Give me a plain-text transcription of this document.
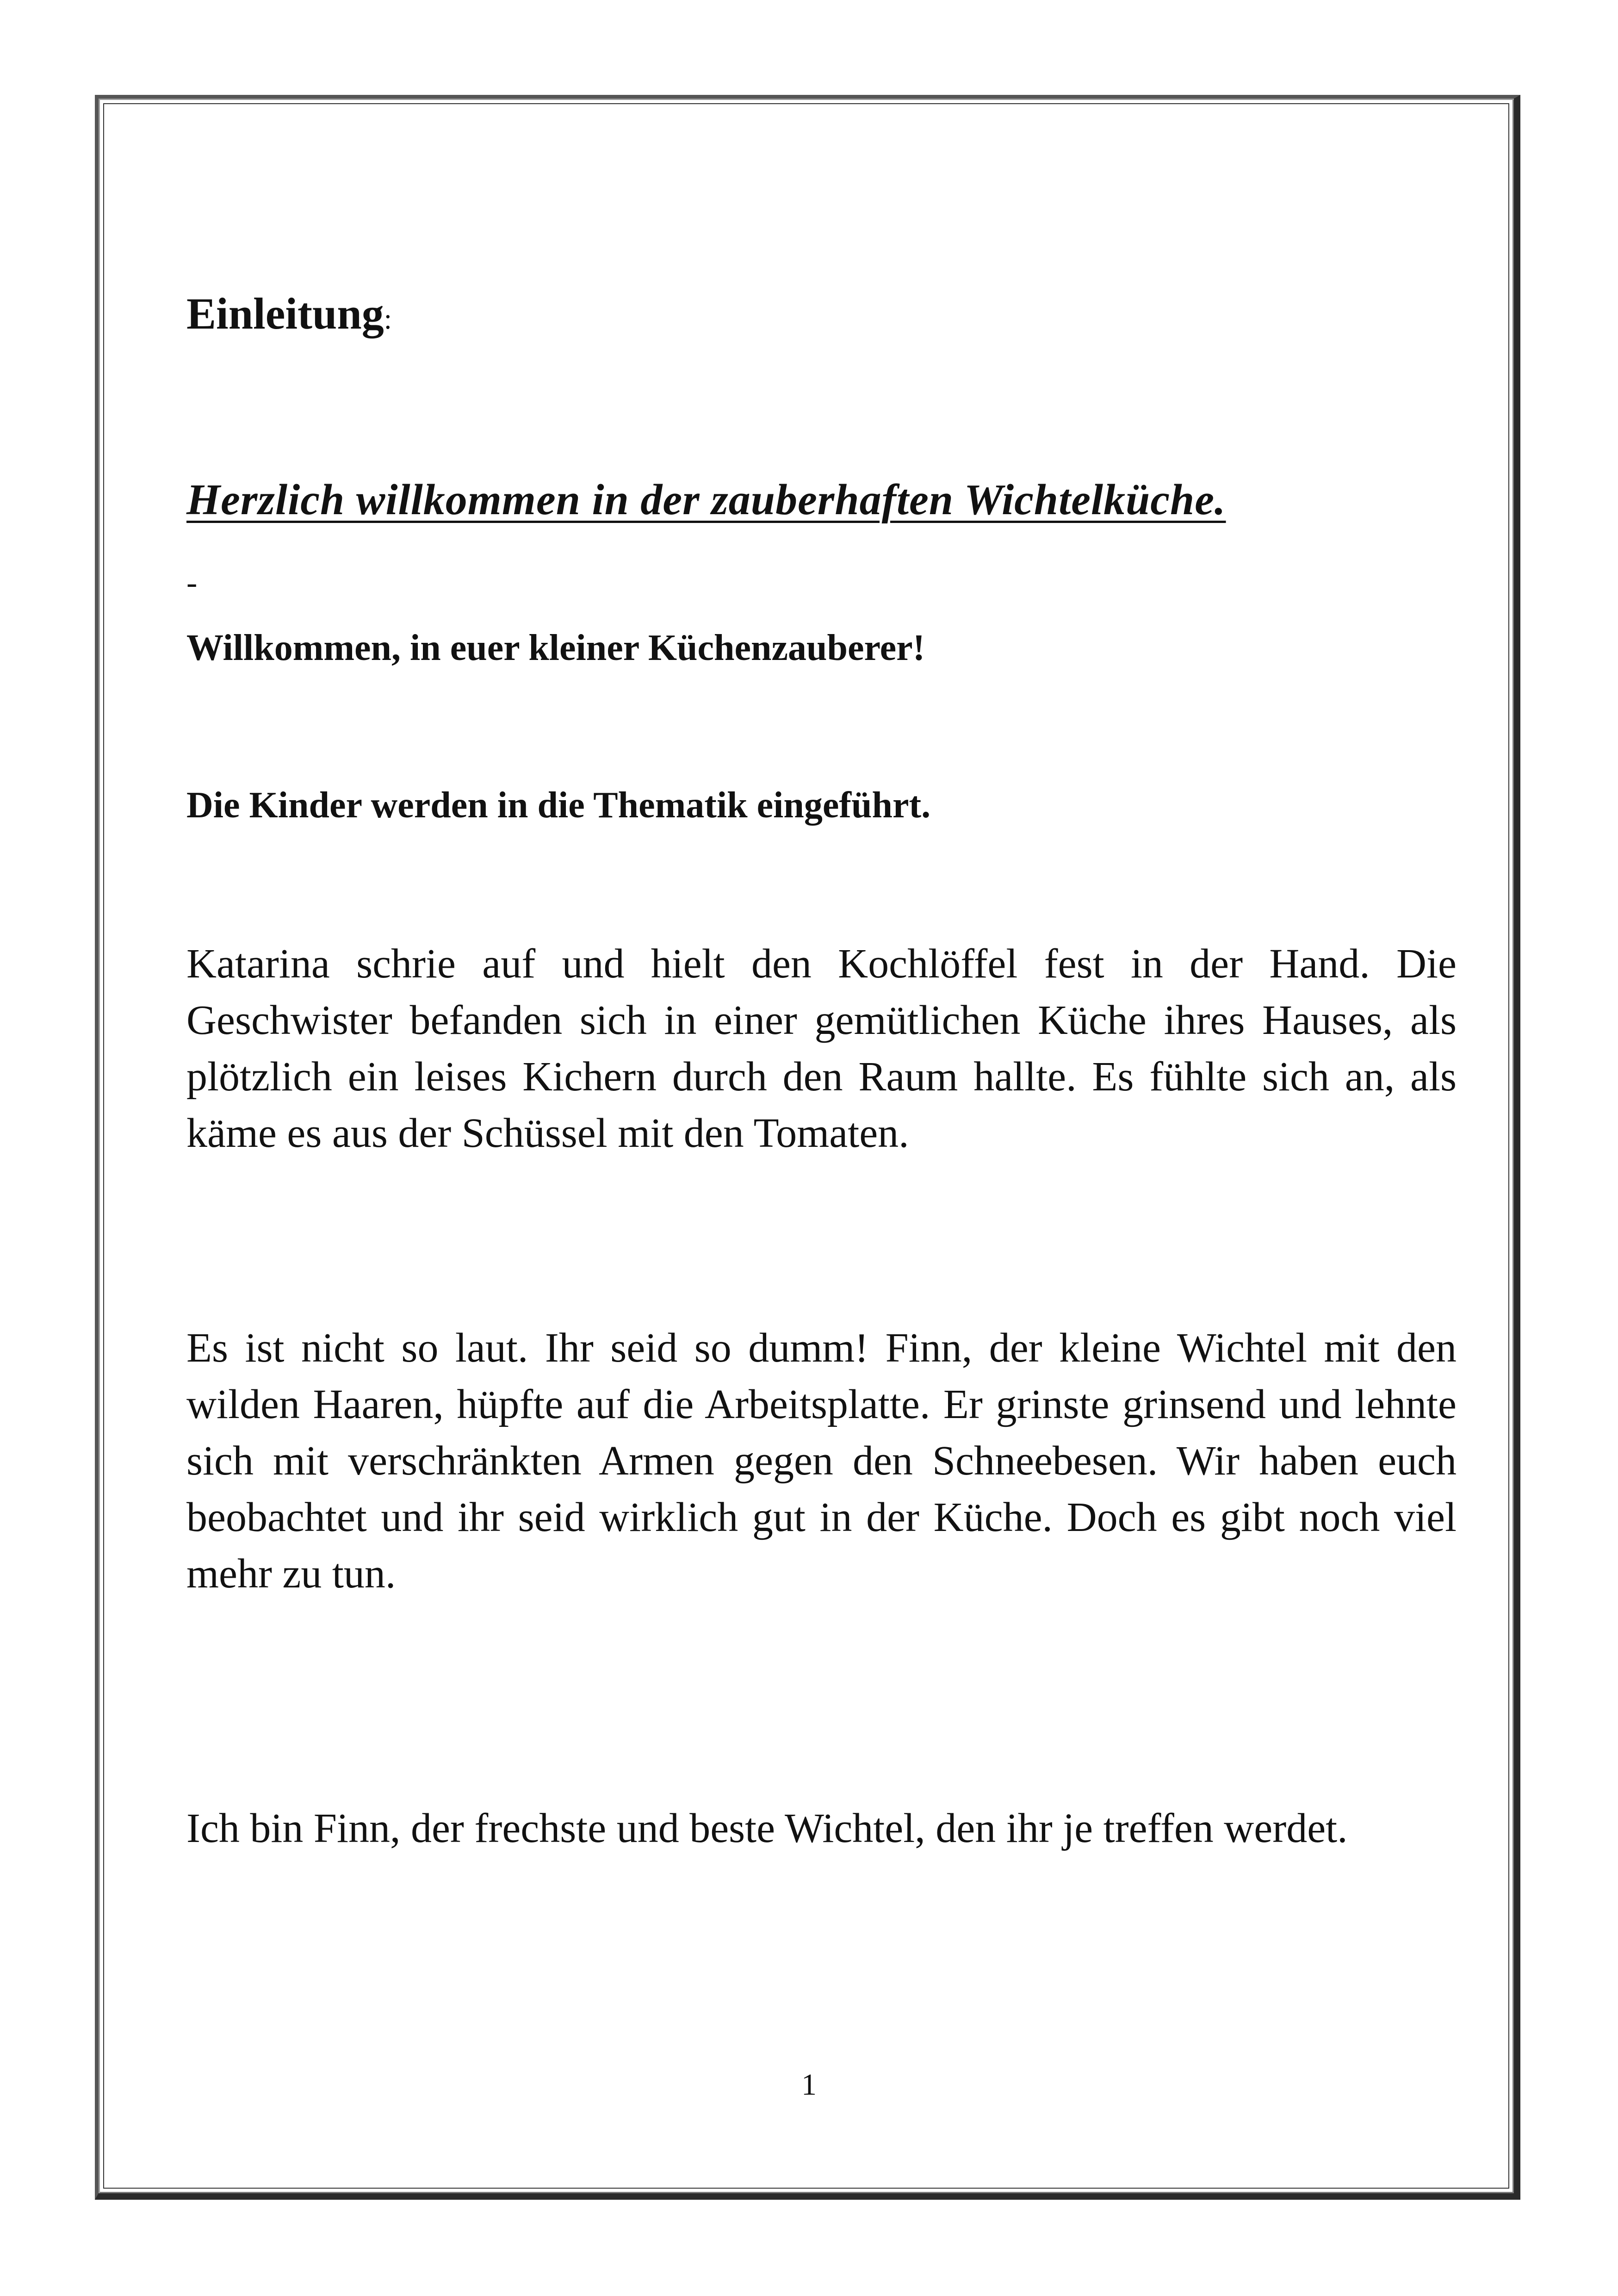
Einleitung:
Herzlich willkommen in der zauberhaften Wichtelküche.
-

Willkommen, in euer kleiner Küchenzauberer!

Die Kinder werden in die Thematik eingeführt.

Katarina schrie auf und hielt den Kochlöffel fest in der Hand. Die Geschwister befanden sich in einer gemütlichen Küche ihres Hauses, als plötzlich ein leises Kichern durch den Raum hallte. Es fühlte sich an, als käme es aus der Schüssel mit den Tomaten.

Es ist nicht so laut. Ihr seid so dumm! Finn, der kleine Wichtel mit den wilden Haaren, hüpfte auf die Arbeitsplatte. Er grinste grinsend und lehnte sich mit verschränkten Armen gegen den Schneebesen. Wir haben euch beobachtet und ihr seid wirklich gut in der Küche. Doch es gibt noch viel mehr zu tun.

Ich bin Finn, der frechste und beste Wichtel, den ihr je treffen werdet.

1
